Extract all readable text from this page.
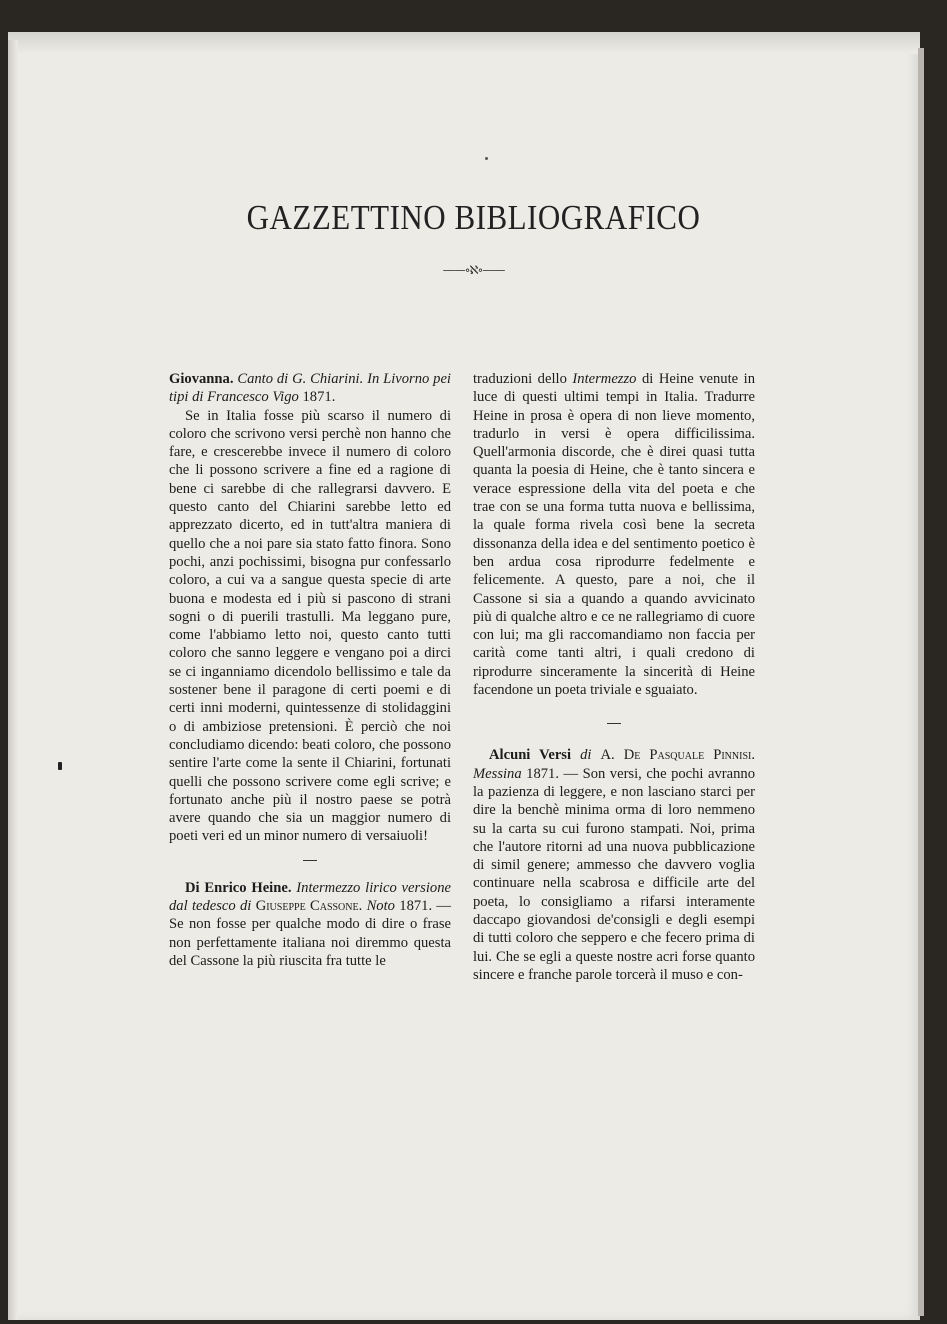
GAZZETTINO BIBLIOGRAFICO
——∘ℵ∘——

Giovanna. Canto di G. Chiarini. In Livorno pei tipi di Francesco Vigo 1871.

Se in Italia fosse più scarso il numero di coloro che scrivono versi perchè non hanno che fare, e crescerebbe invece il numero di coloro che li possono scrivere a fine ed a ragione di bene ci sarebbe di che rallegrarsi davvero. E questo canto del Chiarini sarebbe letto ed apprezzato dicerto, ed in tutt'altra maniera di quello che a noi pare sia stato fatto finora. Sono pochi, anzi pochissimi, bisogna pur confessarlo coloro, a cui va a sangue questa specie di arte buona e modesta ed i più si pascono di strani sogni o di puerili trastulli. Ma leggano pure, come l'abbiamo letto noi, questo canto tutti coloro che sanno leggere e vengano poi a dirci se ci inganniamo dicendolo bellissimo e tale da sostener bene il paragone di certi poemi e di certi inni moderni, quintessenze di stolidaggini o di ambiziose pretensioni. È perciò che noi concludiamo dicendo: beati coloro, che possono sentire l'arte come la sente il Chiarini, fortunati quelli che possono scrivere come egli scrive; e fortunato anche più il nostro paese se potrà avere quando che sia un maggior numero di poeti veri ed un minor numero di versaiuoli!

Di Enrico Heine. Intermezzo lirico versione dal tedesco di Giuseppe Cassone. Noto 1871. — Se non fosse per qualche modo di dire o frase non perfettamente italiana noi diremmo questa del Cassone la più riuscita fra tutte le

traduzioni dello Intermezzo di Heine venute in luce di questi ultimi tempi in Italia. Tradurre Heine in prosa è opera di non lieve momento, tradurlo in versi è opera difficilissima. Quell'armonia discorde, che è direi quasi tutta quanta la poesia di Heine, che è tanto sincera e verace espressione della vita del poeta e che trae con se una forma tutta nuova e bellissima, la quale forma rivela così bene la secreta dissonanza della idea e del sentimento poetico è ben ardua cosa riprodurre fedelmente e felicemente. A questo, pare a noi, che il Cassone si sia a quando a quando avvicinato più di qualche altro e ce ne rallegriamo di cuore con lui; ma gli raccomandiamo non faccia per carità come tanti altri, i quali credono di riprodurre sinceramente la sincerità di Heine facendone un poeta triviale e sguaiato.

Alcuni Versi di A. De Pasquale Pinnisi. Messina 1871. — Son versi, che pochi avranno la pazienza di leggere, e non lasciano starci per dire la benchè minima orma di loro nemmeno su la carta su cui furono stampati. Noi, prima che l'autore ritorni ad una nuova pubblicazione di simil genere; ammesso che davvero voglia continuare nella scabrosa e difficile arte del poeta, lo consigliamo a rifarsi interamente daccapo giovandosi de'consigli e degli esempi di tutti coloro che seppero e che fecero prima di lui. Che se egli a queste nostre acri forse quanto sincere e franche parole torcerà il muso e con-
